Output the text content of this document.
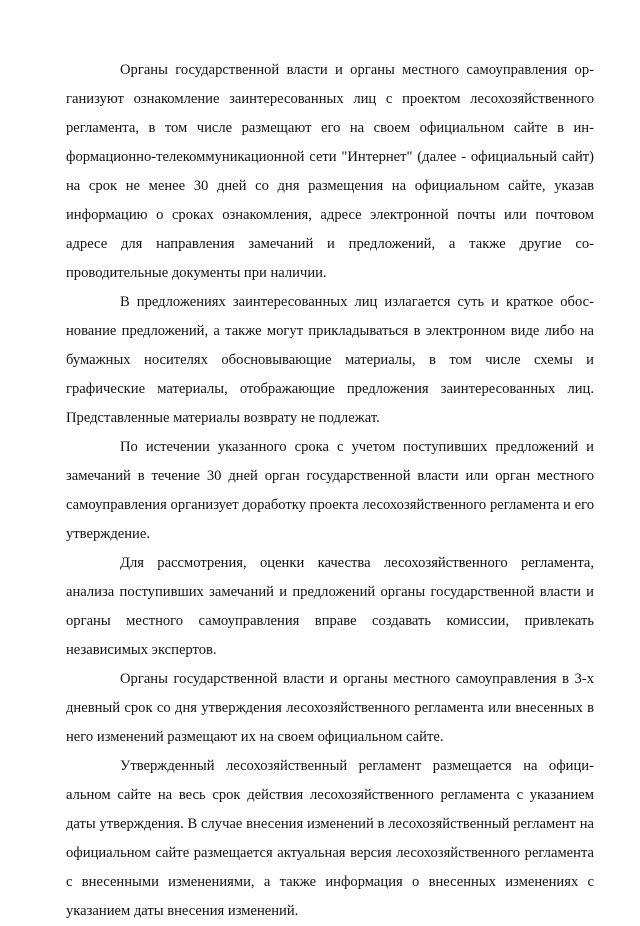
Органы государственной власти и органы местного самоуправления организуют ознакомление заинтересованных лиц с проектом лесохозяйственного регламента, в том числе размещают его на своем официальном сайте в информационно-телекоммуникационной сети "Интернет" (далее - официальный сайт) на срок не менее 30 дней со дня размещения на официальном сайте, указав информацию о сроках ознакомления, адресе электронной почты или почтовом адресе для направления замечаний и предложений, а также другие сопроводительные документы при наличии.

В предложениях заинтересованных лиц излагается суть и краткое обоснование предложений, а также могут прикладываться в электронном виде либо на бумажных носителях обосновывающие материалы, в том числе схемы и графические материалы, отображающие предложения заинтересованных лиц. Представленные материалы возврату не подлежат.

По истечении указанного срока с учетом поступивших предложений и замечаний в течение 30 дней орган государственной власти или орган местного самоуправления организует доработку проекта лесохозяйственного регламента и его утверждение.

Для рассмотрения, оценки качества лесохозяйственного регламента, анализа поступивших замечаний и предложений органы государственной власти и органы местного самоуправления вправе создавать комиссии, привлекать независимых экспертов.

Органы государственной власти и органы местного самоуправления в 3-х дневный срок со дня утверждения лесохозяйственного регламента или внесенных в него изменений размещают их на своем официальном сайте.

Утвержденный лесохозяйственный регламент размещается на официальном сайте на весь срок действия лесохозяйственного регламента с указанием даты утверждения. В случае внесения изменений в лесохозяйственный регламент на официальном сайте размещается актуальная версия лесохозяйственного регламента с внесенными изменениями, а также информация о внесенных изменениях с указанием даты внесения изменений.
